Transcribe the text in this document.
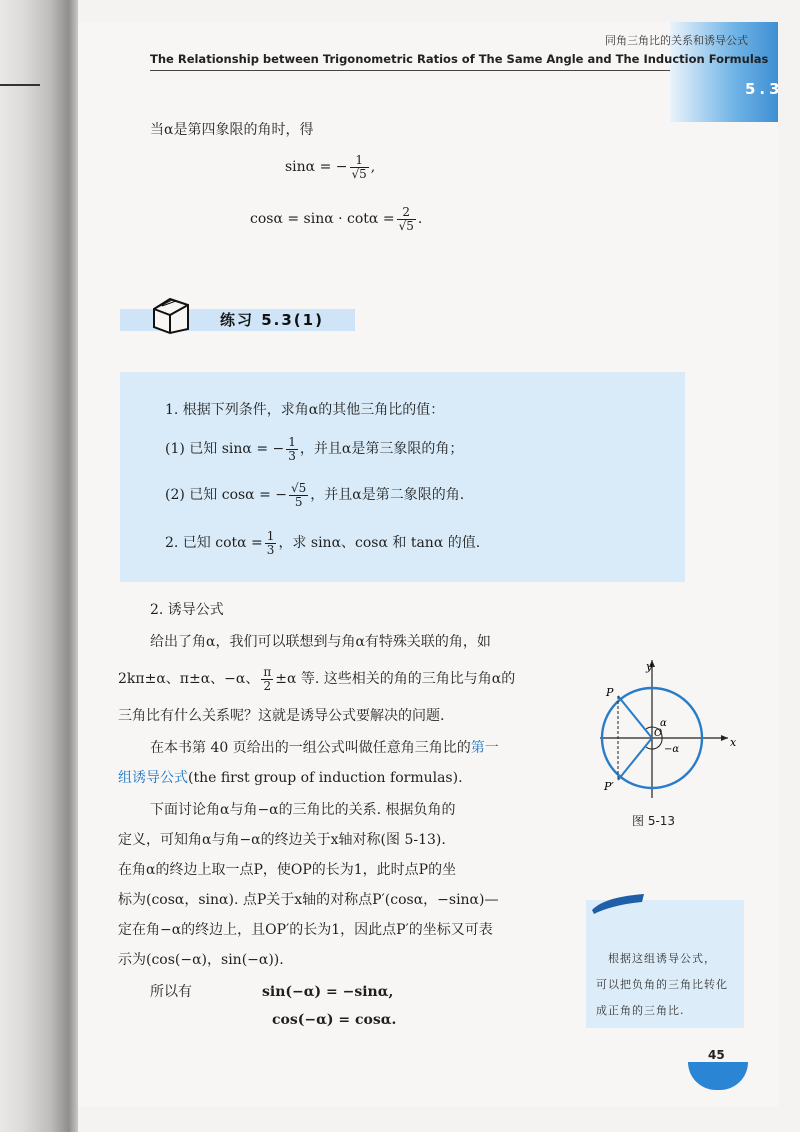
5.3
同角三角比的关系和诱导公式
The Relationship between Trigonometric Ratios of The Same Angle and The Induction Formulas
当α是第四象限的角时，得
sinα = − $\frac{1}{√5}$ ,
$\cos\alpha = \sin\alpha \cdot \cot\alpha = \frac{2}{√5}$ .
练习 5.3(1)
1. 根据下列条件，求角α的其他三角比的值：
(1) 已知 sinα = − $\frac{1}{3}$ ，并且α是第三象限的角；
(2) 已知 cosα = − $\frac{√5}{5}$ ，并且α是第二象限的角.
2. 已知 $\cot\alpha = \frac{1}{3}$ ，求 sinα、cosα 和 tanα 的值.
2. 诱导公式
给出了角α，我们可以联想到与角α有特殊关联的角，如
2kπ±α、π±α、−α、 $\frac{\pi}{2} \pm\alpha$ 等. 这些相关的角的三角比与角α的
三角比有什么关系呢？这就是诱导公式要解决的问题.
在本书第 40 页给出的一组公式叫做任意角三角比的第一
组诱导公式(the first group of induction formulas).
下面讨论角α与角−α的三角比的关系. 根据负角的
定义，可知角α与角−α的终边关于x轴对称(图 5-13).
在角α的终边上取一点P，使OP的长为1，此时点P的坐
标为(cosα，sinα). 点P关于x轴的对称点P′(cosα，−sinα)—
定在角−α的终边上，且OP′的长为1，因此点P′的坐标又可表
示为(cos(−α)，sin(−α)).
所以有	sin(−α) = −sinα,
cos(−α) = cosα.
y
x
P
P′
O
α
−α
图 5-13
根据这组诱导公式，
可以把负角的三角比转化
成正角的三角比.
45
